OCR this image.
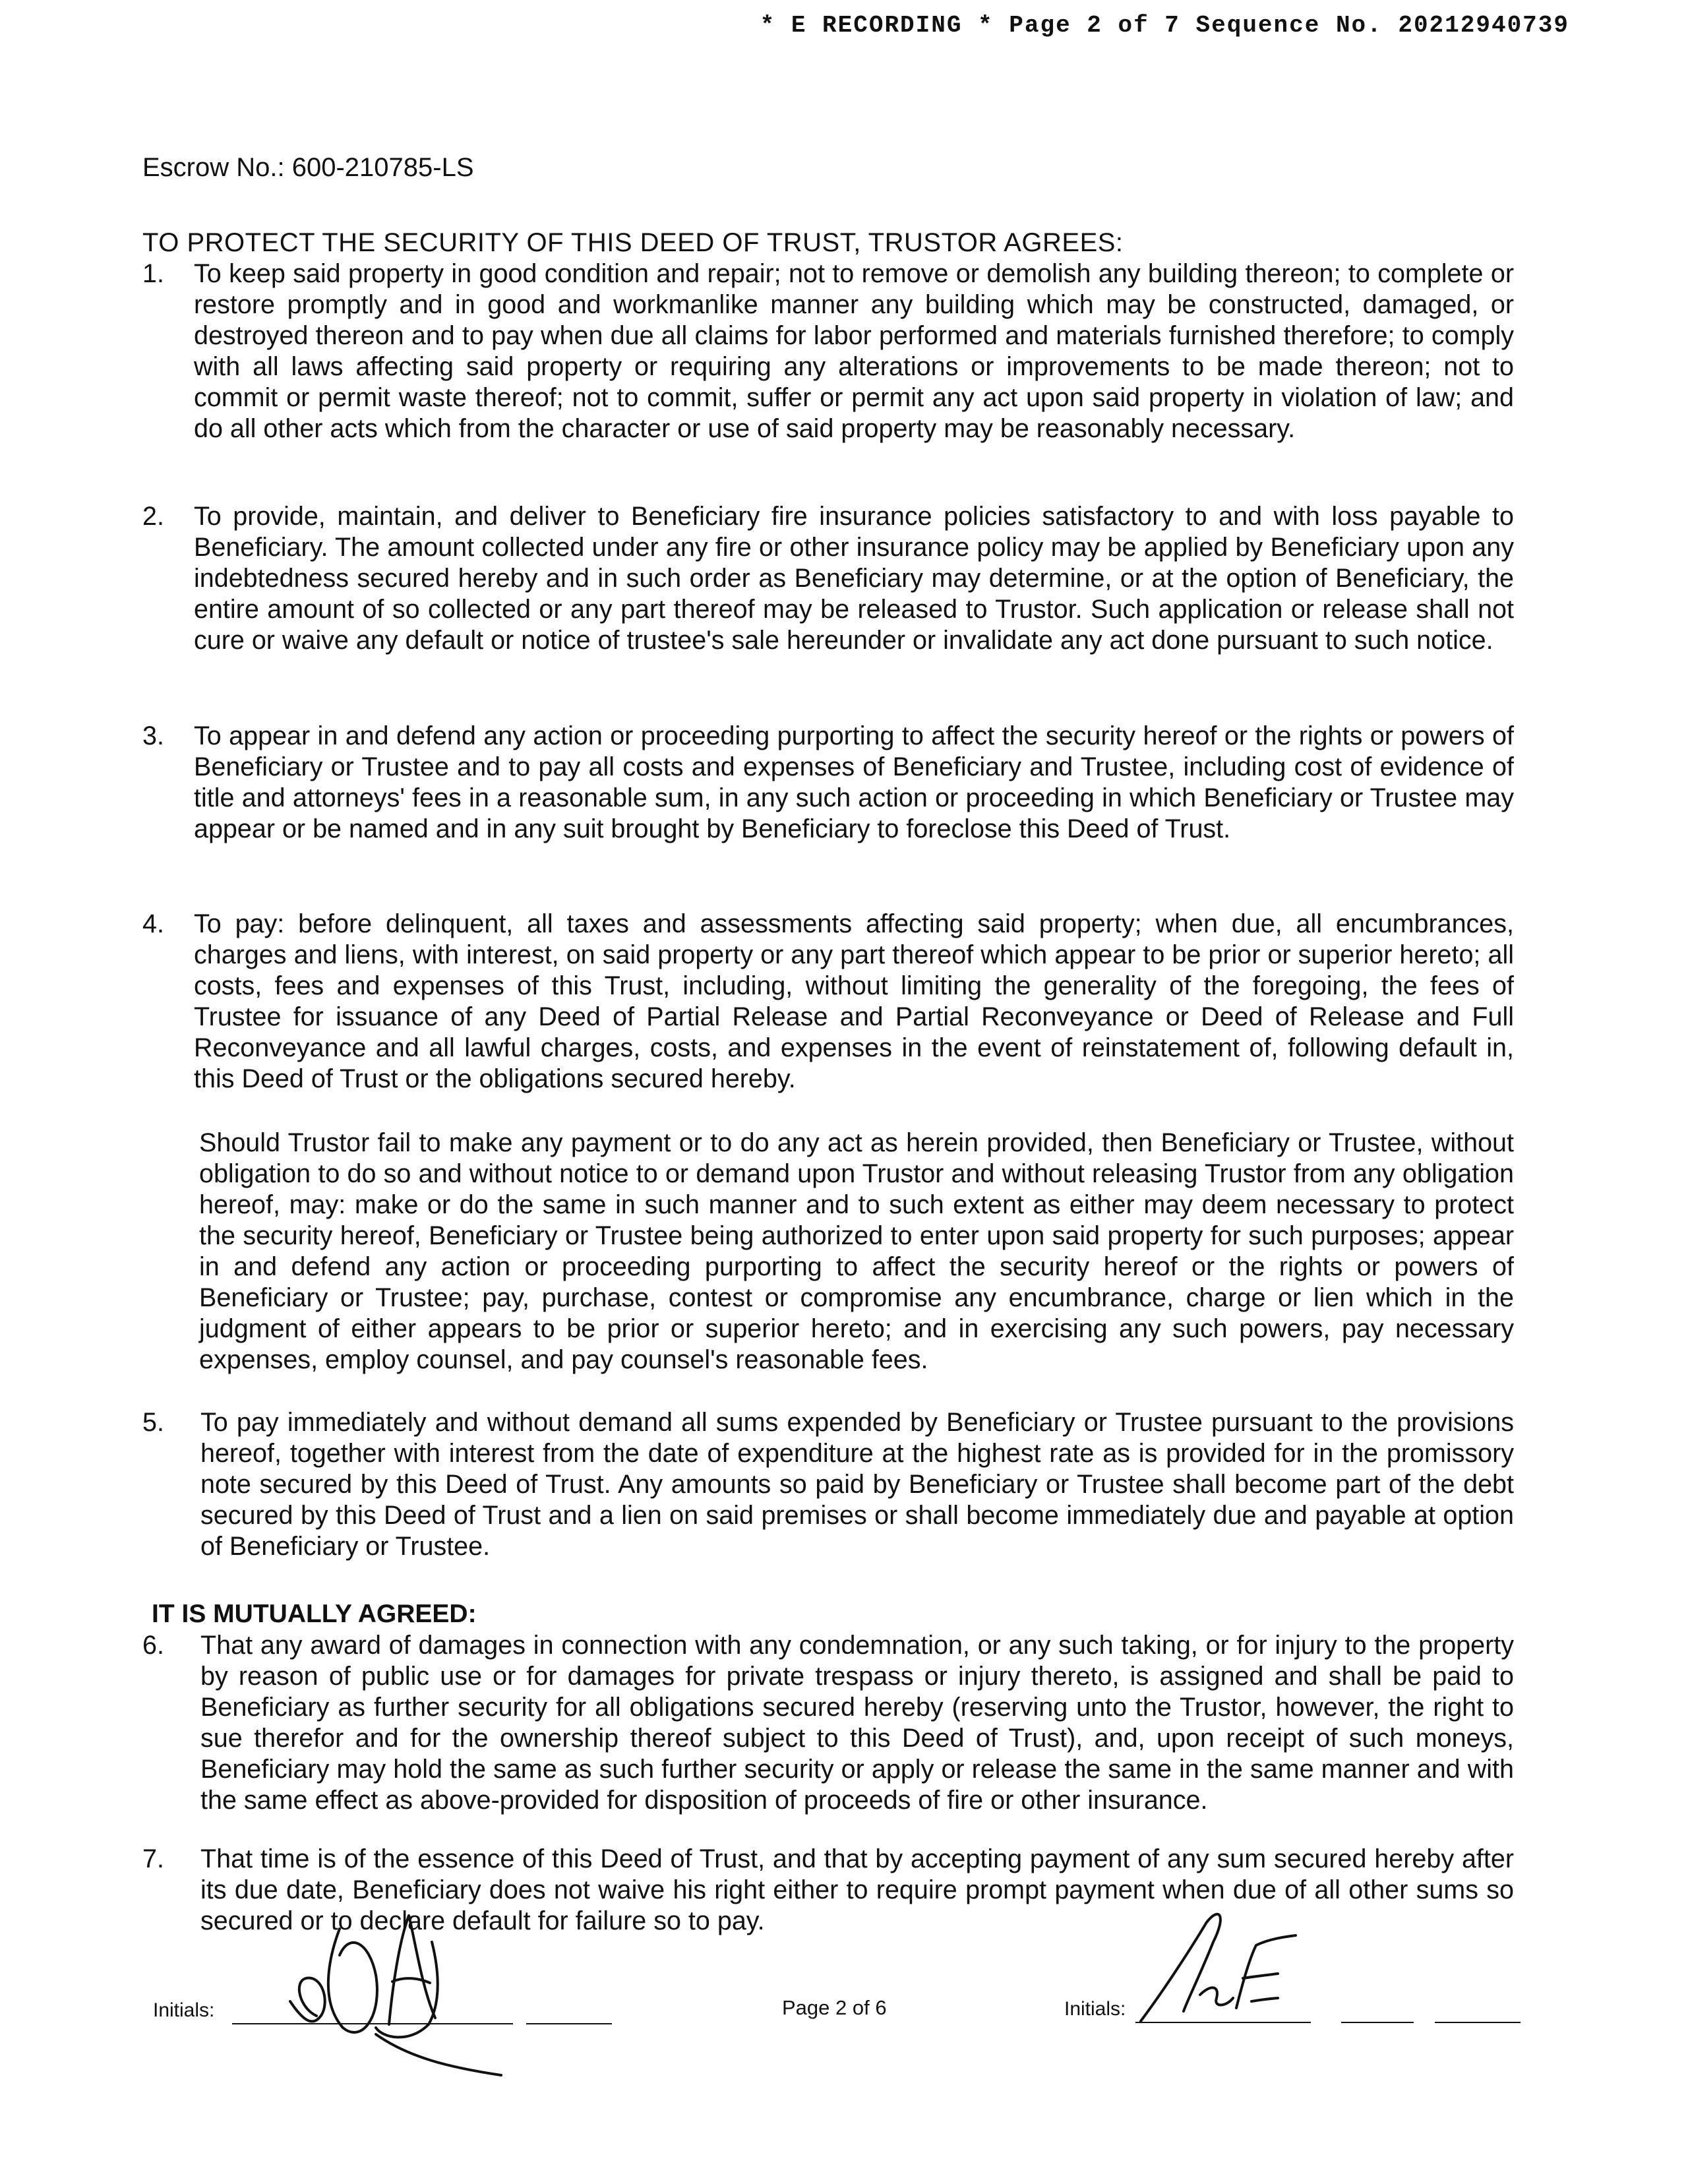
* E RECORDING * Page 2 of 7 Sequence No. 20212940739
Escrow No.: 600-210785-LS
TO PROTECT THE SECURITY OF THIS DEED OF TRUST, TRUSTOR AGREES:
1.	To keep said property in good condition and repair; not to remove or demolish any building thereon; to complete or restore promptly and in good and workmanlike manner any building which may be constructed, damaged, or destroyed thereon and to pay when due all claims for labor performed and materials furnished therefore; to comply with all laws affecting said property or requiring any alterations or improvements to be made thereon; not to commit or permit waste thereof; not to commit, suffer or permit any act upon said property in violation of law; and do all other acts which from the character or use of said property may be reasonably necessary.
2.	To provide, maintain, and deliver to Beneficiary fire insurance policies satisfactory to and with loss payable to Beneficiary. The amount collected under any fire or other insurance policy may be applied by Beneficiary upon any indebtedness secured hereby and in such order as Beneficiary may determine, or at the option of Beneficiary, the entire amount of so collected or any part thereof may be released to Trustor. Such application or release shall not cure or waive any default or notice of trustee's sale hereunder or invalidate any act done pursuant to such notice.
3.	To appear in and defend any action or proceeding purporting to affect the security hereof or the rights or powers of Beneficiary or Trustee and to pay all costs and expenses of Beneficiary and Trustee, including cost of evidence of title and attorneys' fees in a reasonable sum, in any such action or proceeding in which Beneficiary or Trustee may appear or be named and in any suit brought by Beneficiary to foreclose this Deed of Trust.
4.	To pay: before delinquent, all taxes and assessments affecting said property; when due, all encumbrances, charges and liens, with interest, on said property or any part thereof which appear to be prior or superior hereto; all costs, fees and expenses of this Trust, including, without limiting the generality of the foregoing, the fees of Trustee for issuance of any Deed of Partial Release and Partial Reconveyance or Deed of Release and Full Reconveyance and all lawful charges, costs, and expenses in the event of reinstatement of, following default in, this Deed of Trust or the obligations secured hereby.
Should Trustor fail to make any payment or to do any act as herein provided, then Beneficiary or Trustee, without obligation to do so and without notice to or demand upon Trustor and without releasing Trustor from any obligation hereof, may: make or do the same in such manner and to such extent as either may deem necessary to protect the security hereof, Beneficiary or Trustee being authorized to enter upon said property for such purposes; appear in and defend any action or proceeding purporting to affect the security hereof or the rights or powers of Beneficiary or Trustee; pay, purchase, contest or compromise any encumbrance, charge or lien which in the judgment of either appears to be prior or superior hereto; and in exercising any such powers, pay necessary expenses, employ counsel, and pay counsel's reasonable fees.
5.	To pay immediately and without demand all sums expended by Beneficiary or Trustee pursuant to the provisions hereof, together with interest from the date of expenditure at the highest rate as is provided for in the promissory note secured by this Deed of Trust. Any amounts so paid by Beneficiary or Trustee shall become part of the debt secured by this Deed of Trust and a lien on said premises or shall become immediately due and payable at option of Beneficiary or Trustee.
IT IS MUTUALLY AGREED:
6.	That any award of damages in connection with any condemnation, or any such taking, or for injury to the property by reason of public use or for damages for private trespass or injury thereto, is assigned and shall be paid to Beneficiary as further security for all obligations secured hereby (reserving unto the Trustor, however, the right to sue therefor and for the ownership thereof subject to this Deed of Trust), and, upon receipt of such moneys, Beneficiary may hold the same as such further security or apply or release the same in the same manner and with the same effect as above-provided for disposition of proceeds of fire or other insurance.
7.	That time is of the essence of this Deed of Trust, and that by accepting payment of any sum secured hereby after its due date, Beneficiary does not waive his right either to require prompt payment when due of all other sums so secured or to declare default for failure so to pay.
Initials:	Page 2 of 6	Initials:
